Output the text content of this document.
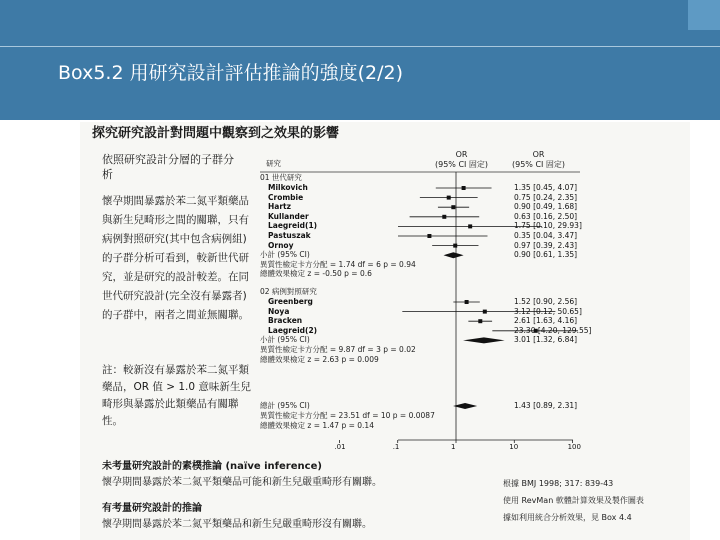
Box5.2 用研究設計評估推論的強度(2/2)
探究研究設計對問題中觀察到之效果的影響
依照研究設計分層的子群分析
懷孕期間暴露於苯二氮平類藥品與新生兒畸形之間的關聯，只有病例對照研究(其中包含病例組)的子群分析可看到，較新世代研究，並是研究的設計較差。在同世代研究設計(完全沒有暴露者)的子群中，兩者之間並無關聯。
註：較新沒有暴露於苯二氮平類藥品，OR 值 > 1.0 意味新生兒畸形與暴露於此類藥品有關聯性。
研究
OR
(95% CI 固定)
OR
(95% CI 固定)
01 世代研究
Milkovich	1.35 [0.45, 4.07]
Crombie	0.75 [0.24, 2.35]
Hartz	0.90 [0.49, 1.68]
Kullander	0.63 [0.16, 2.50]
Laegreid(1)	1.75 [0.10, 29.93]
Pastuszak	0.35 [0.04, 3.47]
Ornoy	0.97 [0.39, 2.43]
小計 (95% CI)	0.90 [0.61, 1.35]
異質性檢定卡方分配 = 1.74 df = 6 p = 0.94
總體效果檢定 z = -0.50 p = 0.6
02 病例對照研究
Greenberg	1.52 [0.90, 2.56]
Noya	3.12 [0.12, 50.65]
Bracken	2.61 [1.63, 4.16]
Laegreid(2)	23.30 [4.20, 129.55]
小計 (95% CI)	3.01 [1.32, 6.84]
異質性檢定卡方分配 = 9.87 df = 3 p = 0.02
總體效果檢定 z = 2.63 p = 0.009
總計 (95% CI)	1.43 [0.89, 2.31]
異質性檢定卡方分配 = 23.51 df = 10 p = 0.0087
總體效果檢定 z = 1.47 p = 0.14
.01	.1	1	10	100
未考量研究設計的素樸推論 (naïve inference)
懷孕期間暴露於苯二氮平類藥品可能和新生兒嚴重畸形有關聯。
有考量研究設計的推論
懷孕期間暴露於苯二氮平類藥品和新生兒嚴重畸形沒有關聯。
根據 BMJ 1998; 317: 839-43
使用 RevMan 軟體計算效果及製作圖表
據如利用統合分析效果，見 Box 4.4
